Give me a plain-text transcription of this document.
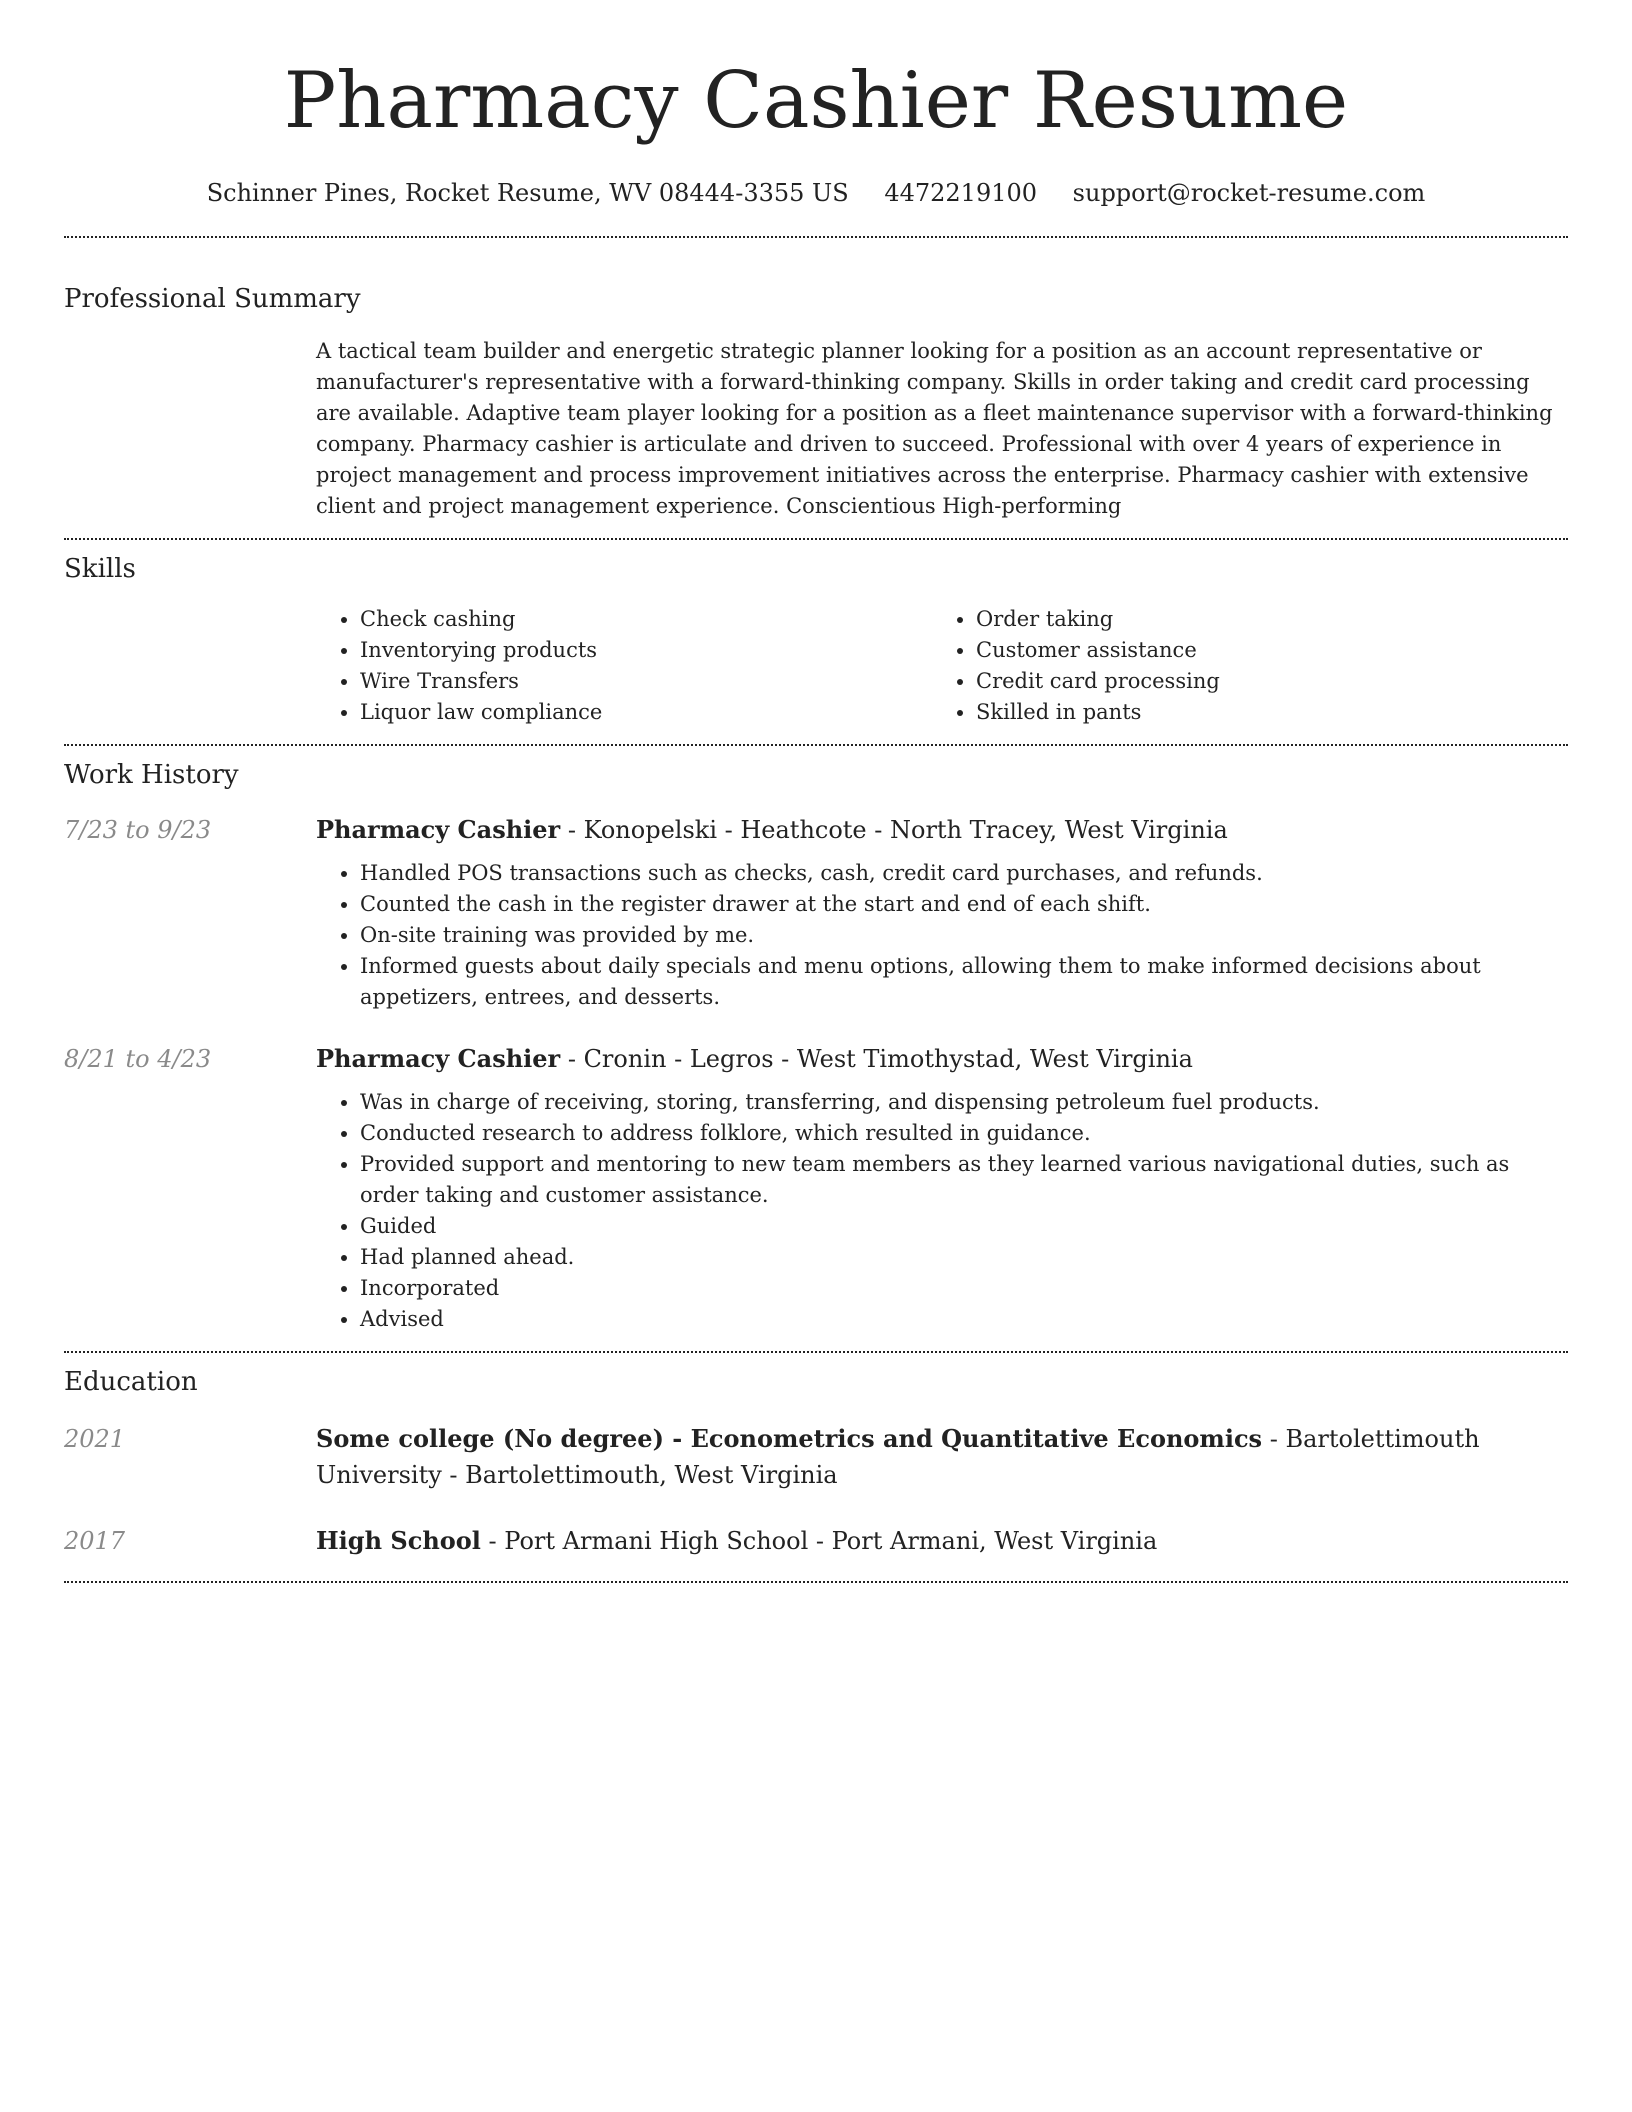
Pharmacy Cashier Resume
Schinner Pines, Rocket Resume, WV 08444-3355 US 4472219100 support@rocket-resume.com
Professional Summary
A tactical team builder and energetic strategic planner looking for a position as an account representative or manufacturer's representative with a forward-thinking company. Skills in order taking and credit card processing are available. Adaptive team player looking for a position as a fleet maintenance supervisor with a forward-thinking company. Pharmacy cashier is articulate and driven to succeed. Professional with over 4 years of experience in project management and process improvement initiatives across the enterprise. Pharmacy cashier with extensive client and project management experience. Conscientious High-performing
Skills
• Check cashing
• Inventorying products
• Wire Transfers
• Liquor law compliance
• Order taking
• Customer assistance
• Credit card processing
• Skilled in pants
Work History
7/23 to 9/23	Pharmacy Cashier - Konopelski - Heathcote - North Tracey, West Virginia
• Handled POS transactions such as checks, cash, credit card purchases, and refunds.
• Counted the cash in the register drawer at the start and end of each shift.
• On-site training was provided by me.
• Informed guests about daily specials and menu options, allowing them to make informed decisions about appetizers, entrees, and desserts.
8/21 to 4/23	Pharmacy Cashier - Cronin - Legros - West Timothystad, West Virginia
• Was in charge of receiving, storing, transferring, and dispensing petroleum fuel products.
• Conducted research to address folklore, which resulted in guidance.
• Provided support and mentoring to new team members as they learned various navigational duties, such as order taking and customer assistance.
• Guided
• Had planned ahead.
• Incorporated
• Advised
Education
2021	Some college (No degree) - Econometrics and Quantitative Economics - Bartolettimouth University - Bartolettimouth, West Virginia
2017	High School - Port Armani High School - Port Armani, West Virginia
